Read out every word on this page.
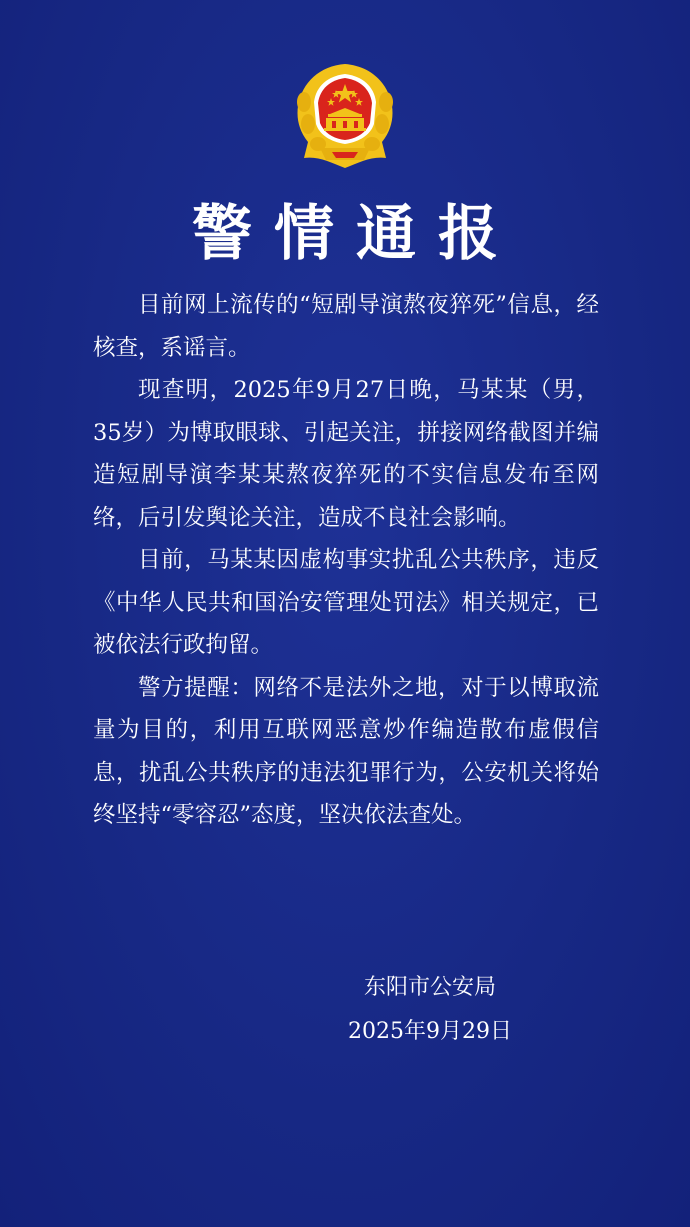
警情通报

目前网上流传的“短剧导演熬夜猝死”信息，经核查，系谣言。

现查明，2025年9月27日晚，马某某（男，35岁）为博取眼球、引起关注，拼接网络截图并编造短剧导演李某某熬夜猝死的不实信息发布至网络，后引发舆论关注，造成不良社会影响。

目前，马某某因虚构事实扰乱公共秩序，违反《中华人民共和国治安管理处罚法》相关规定，已被依法行政拘留。

警方提醒：网络不是法外之地，对于以博取流量为目的，利用互联网恶意炒作编造散布虚假信息，扰乱公共秩序的违法犯罪行为，公安机关将始终坚持“零容忍”态度，坚决依法查处。

东阳市公安局
2025年9月29日
